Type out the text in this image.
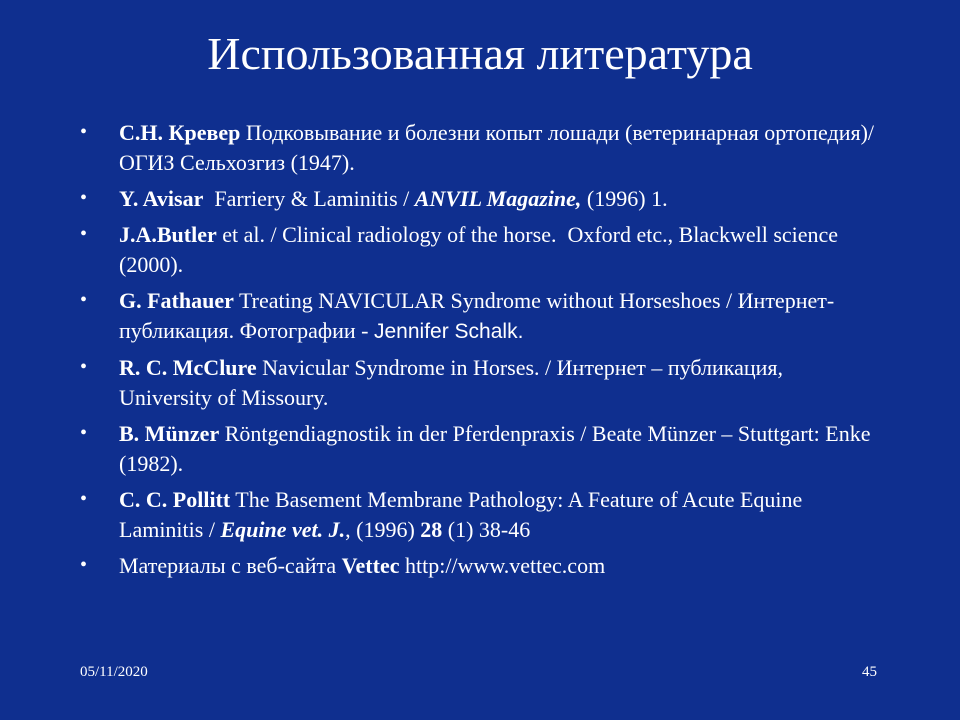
Использованная литература
• С.Н. Кревер Подковывание и болезни копыт лошади (ветеринарная ортопедия)/ ОГИЗ Сельхозгиз (1947).
• Y. Avisar  Farriery & Laminitis / ANVIL Magazine, (1996) 1.
• J.A.Butler et al. / Clinical radiology of the horse.  Oxford etc., Blackwell science (2000).
• G. Fathauer Treating NAVICULAR Syndrome without Horseshoes / Интернет-публикация. Фотографии - Jennifer Schalk.
• R. C. McClure Navicular Syndrome in Horses. / Интернет – публикация, University of Missoury.
• B. Münzer Röntgendiagnostik in der Pferdenpraxis / Beate Münzer – Stuttgart: Enke (1982).
• C. C. Pollitt The Basement Membrane Pathology: A Feature of Acute Equine Laminitis / Equine vet. J., (1996) 28 (1) 38-46
• Материалы с веб-сайта Vettec http://www.vettec.com
05/11/2020	45
